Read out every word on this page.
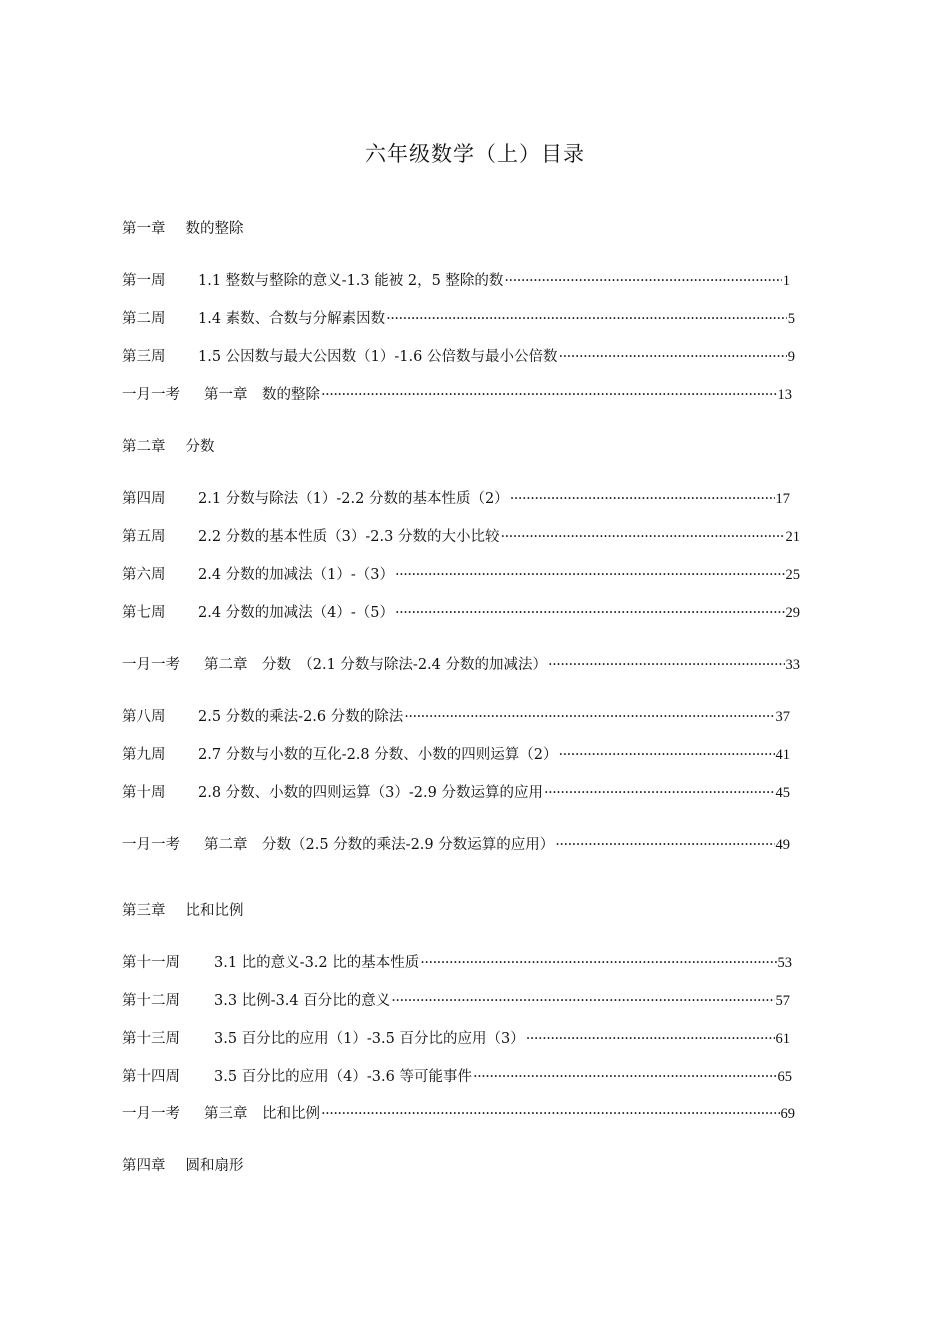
六年级数学（上）目录
第一章 数的整除
第一周	1.1 整数与整除的意义-1.3 能被 2，5 整除的数 ·····	1
第二周	1.4 素数、合数与分解素因数 ·····	5
第三周	1.5 公因数与最大公因数（1）-1.6 公倍数与最小公倍数 ·····	9
一月一考	第一章　数的整除 ·····	13
第二章 分数
第四周	2.1 分数与除法（1）-2.2 分数的基本性质（2） ·····	17
第五周	2.2 分数的基本性质（3）-2.3 分数的大小比较 ·····	21
第六周	2.4 分数的加减法（1）-（3） ·····	25
第七周	2.4 分数的加减法（4）-（5） ·····	29
一月一考	第二章　分数　（2.1 分数与除法-2.4 分数的加减法） ·····	33
第八周	2.5 分数的乘法-2.6 分数的除法 ·····	37
第九周	2.7 分数与小数的互化-2.8 分数、小数的四则运算（2） ·····	41
第十周	2.8 分数、小数的四则运算（3）-2.9 分数运算的应用 ·····	45
一月一考	第二章　分数（2.5 分数的乘法-2.9 分数运算的应用） ·····	49
第三章 比和比例
第十一周	3.1 比的意义-3.2 比的基本性质 ·····	53
第十二周	3.3 比例-3.4 百分比的意义 ·····	57
第十三周	3.5 百分比的应用（1）-3.5 百分比的应用（3） ·····	61
第十四周	3.5 百分比的应用（4）-3.6 等可能事件 ·····	65
一月一考	第三章　比和比例 ·····	69
第四章 圆和扇形
